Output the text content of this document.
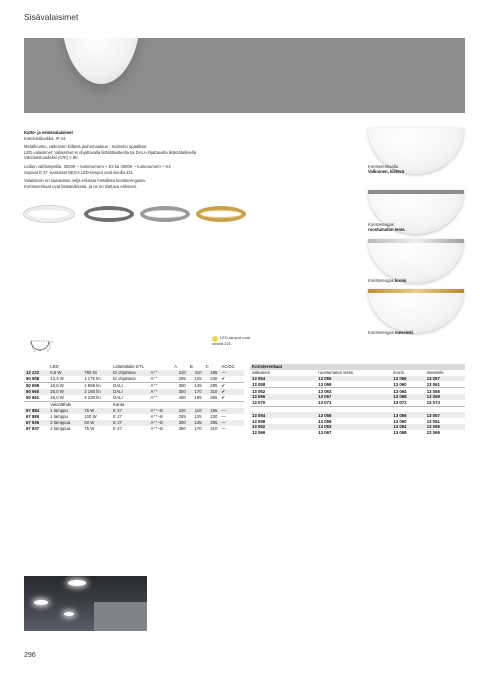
Sisävalaisimet

Katto- ja seinävalaisimet
Kotelointiluokka: IP 44

Metallirunko, valkoinen kiiltävä jauhemaalaus · Satinoitu opaalilasi
LED-valaisimet: Valaisimet ei ohjattavalla liitäntälaitteella tai DALI-ohjattavalla liitäntälaitteella
Värintoistoindeksi (CRI) > 80

Ledien värilämpötila: 3000K – tuotenumero + K3 tai 4000K – tuotenumero + K4
Sopivat E 27 -kantaiset BEGA LED-lamput ovat sivulla 221.

Valaisimiin on saatavissa neljä erilaista metallista koristerengasta.
Koristerenkaat ovat lisätarvikkeita, ja ne on tilattava erikseen.

Koristerenkaalla
Valkoinen, kiiltävä
Koristerengas
ruostumaton teräs
Koristerengas kromi
Koristerengas messinki
C
A
LED-lamput ovat sivulla 221.
	LED		Liitäntälaite ETL		A	B	C	AC/DC
12 223	6,5 W	780 lm	Ei ohjattava	A⁺⁺	220	110	195	—
50 658	13,4 W	1 175 lm	Ei ohjattava	A⁺⁺	255	125	230	✔
50 659	19,8 W	1 865 lm	DALI	A⁺⁺	300	145	285	✔
50 660	25,0 W	2 180 lm	DALI	A⁺⁺	350	170	310	✔
50 661	45,0 W	4 230 lm	DALI	A⁺⁺	400	195	355	✔
	Valonlähde		Kanta					
67 884	1 lamppu	75 W	E 27	A⁺⁺–E	220	110	195	—
67 885	1 lamppu	100 W	E 27	A⁺⁺–E	255	125	230	—
67 836	2 lamppua	60 W	E 27	A⁺⁺–E	300	145	285	—
67 837	2 lamppua	75 W	E 27	A⁺⁺–E	350	170	310	—
Koristerenkaat			
valkoinen	ruostumaton teräs	kromi	messinki
13 054	13 055	13 056	13 057
13 058	13 059	13 060	13 061
13 062	13 063	13 064	13 065
13 066	13 067	13 068	13 069
13 070	13 071	13 072	13 073

13 054	13 055	13 056	13 057
13 058	13 059	13 060	13 061
13 062	13 063	13 064	13 065
13 066	13 067	13 068	13 069
296
